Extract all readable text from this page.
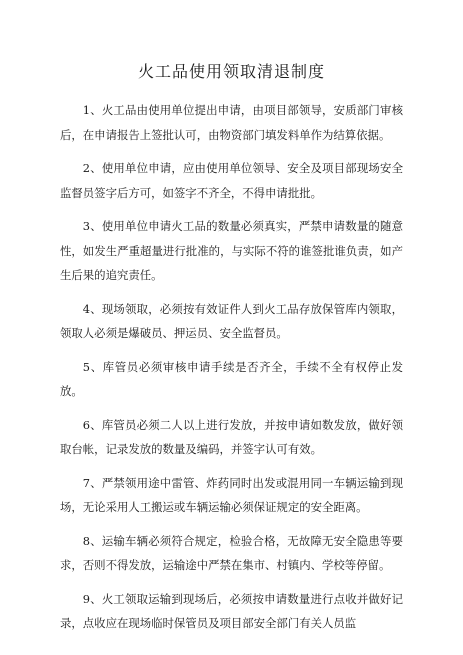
火工品使用领取清退制度

1、火工品由使用单位提出申请，由项目部领导，安质部门审核后，在申请报告上签批认可，由物资部门填发料单作为结算依据。

2、使用单位申请，应由使用单位领导、安全及项目部现场安全监督员签字后方可，如签字不齐全，不得申请批批。

3、使用单位申请火工品的数量必须真实，严禁申请数量的随意性，如发生严重超量进行批准的，与实际不符的谁签批谁负责，如产生后果的追究责任。

4、现场领取，必须按有效证件人到火工品存放保管库内领取，领取人必须是爆破员、押运员、安全监督员。

5、库管员必须审核申请手续是否齐全，手续不全有权停止发放。

6、库管员必须二人以上进行发放，并按申请如数发放，做好领取台帐，记录发放的数量及编码，并签字认可有效。

7、严禁领用途中雷管、炸药同时出发或混用同一车辆运输到现场，无论采用人工搬运或车辆运输必须保证规定的安全距离。

8、运输车辆必须符合规定，检验合格，无故障无安全隐患等要求，否则不得发放，运输途中严禁在集市、村镇内、学校等停留。

9、火工领取运输到现场后，必须按申请数量进行点收并做好记录，点收应在现场临时保管员及项目部安全部门有关人员监
